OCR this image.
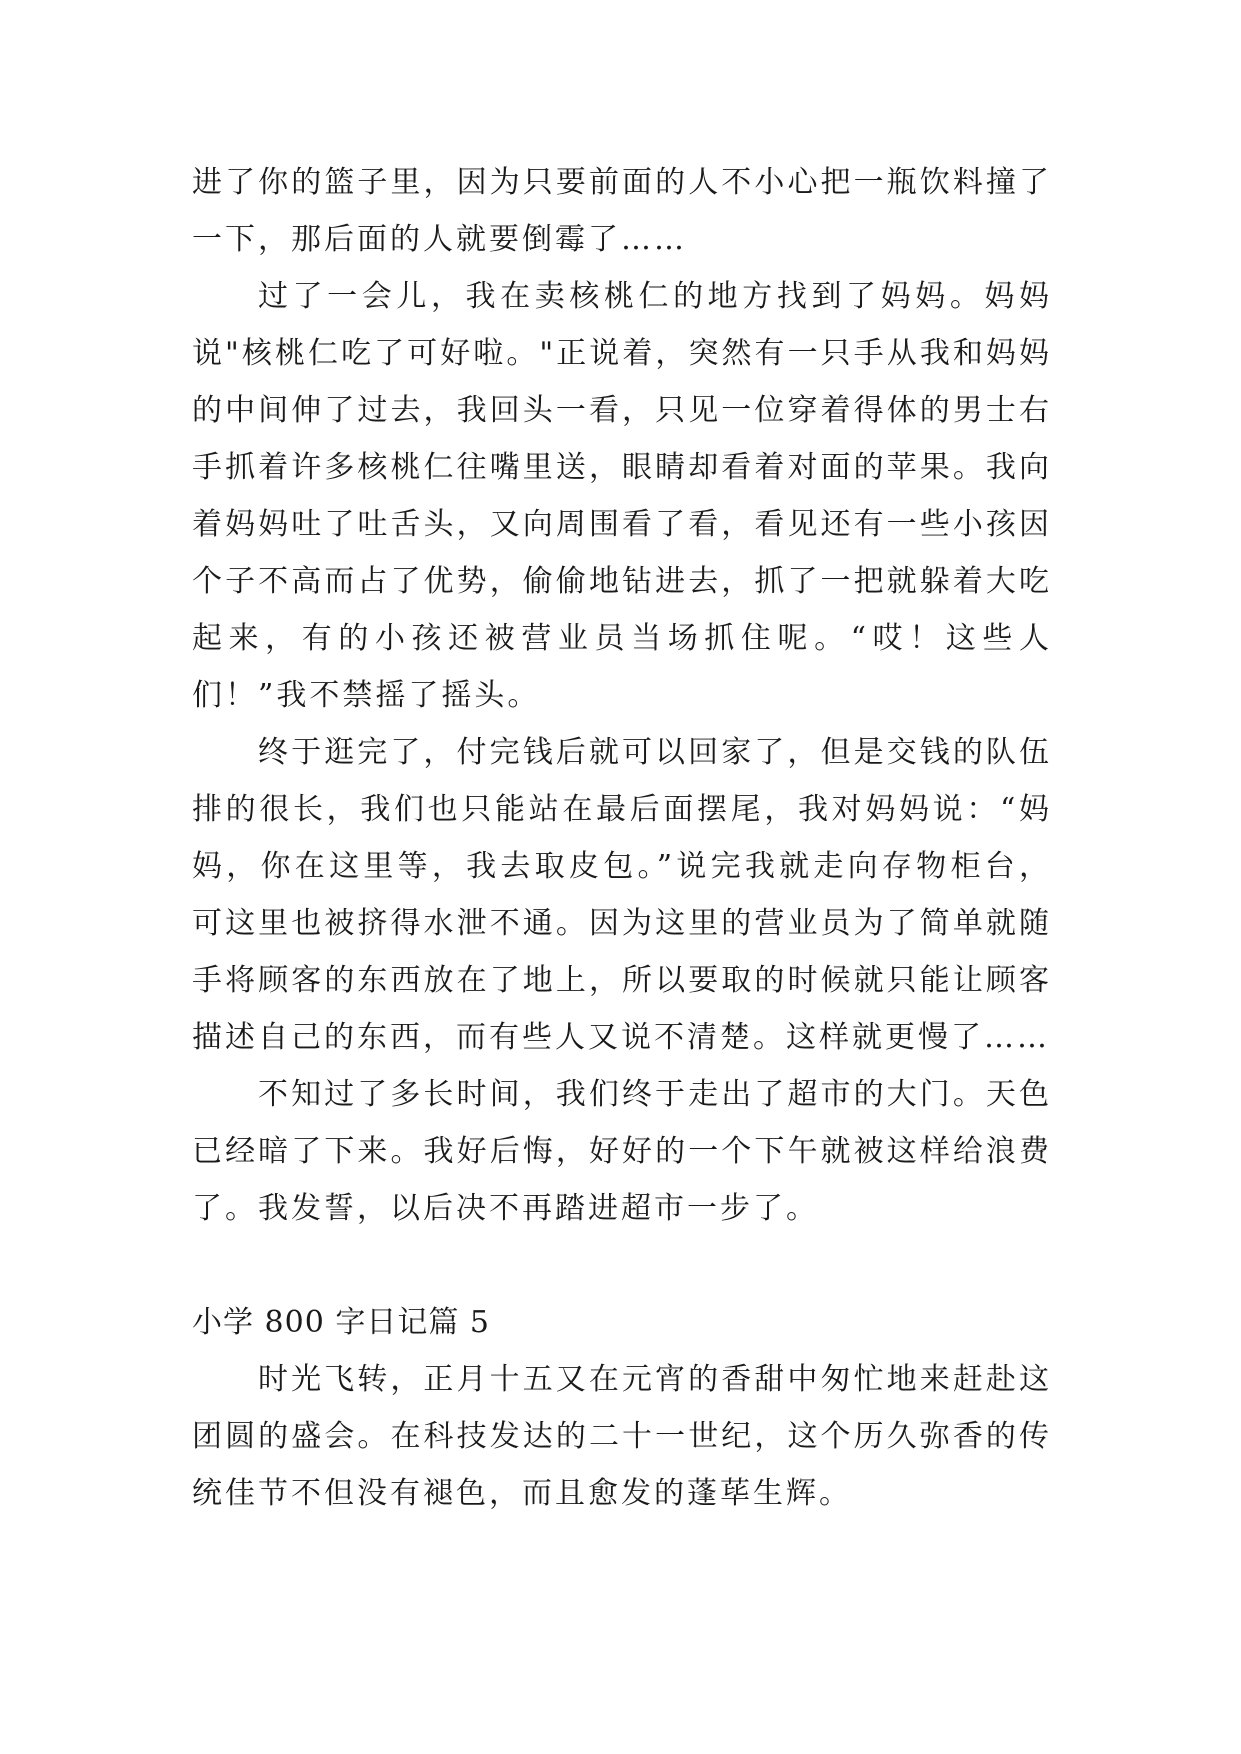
进了你的篮子里，因为只要前面的人不小心把一瓶饮料撞了一下，那后面的人就要倒霉了……

过了一会儿，我在卖核桃仁的地方找到了妈妈。妈妈说"核桃仁吃了可好啦。"正说着，突然有一只手从我和妈妈的中间伸了过去，我回头一看，只见一位穿着得体的男士右手抓着许多核桃仁往嘴里送，眼睛却看着对面的苹果。我向着妈妈吐了吐舌头，又向周围看了看，看见还有一些小孩因个子不高而占了优势，偷偷地钻进去，抓了一把就躲着大吃起来，有的小孩还被营业员当场抓住呢。“哎！这些人们！”我不禁摇了摇头。

终于逛完了，付完钱后就可以回家了，但是交钱的队伍排的很长，我们也只能站在最后面摆尾，我对妈妈说：“妈妈，你在这里等，我去取皮包。”说完我就走向存物柜台，可这里也被挤得水泄不通。因为这里的营业员为了简单就随手将顾客的东西放在了地上，所以要取的时候就只能让顾客描述自己的东西，而有些人又说不清楚。这样就更慢了……

不知过了多长时间，我们终于走出了超市的大门。天色已经暗了下来。我好后悔，好好的一个下午就被这样给浪费了。我发誓，以后决不再踏进超市一步了。

小学 800 字日记篇 5

时光飞转，正月十五又在元宵的香甜中匆忙地来赶赴这团圆的盛会。在科技发达的二十一世纪，这个历久弥香的传统佳节不但没有褪色，而且愈发的蓬荜生辉。
